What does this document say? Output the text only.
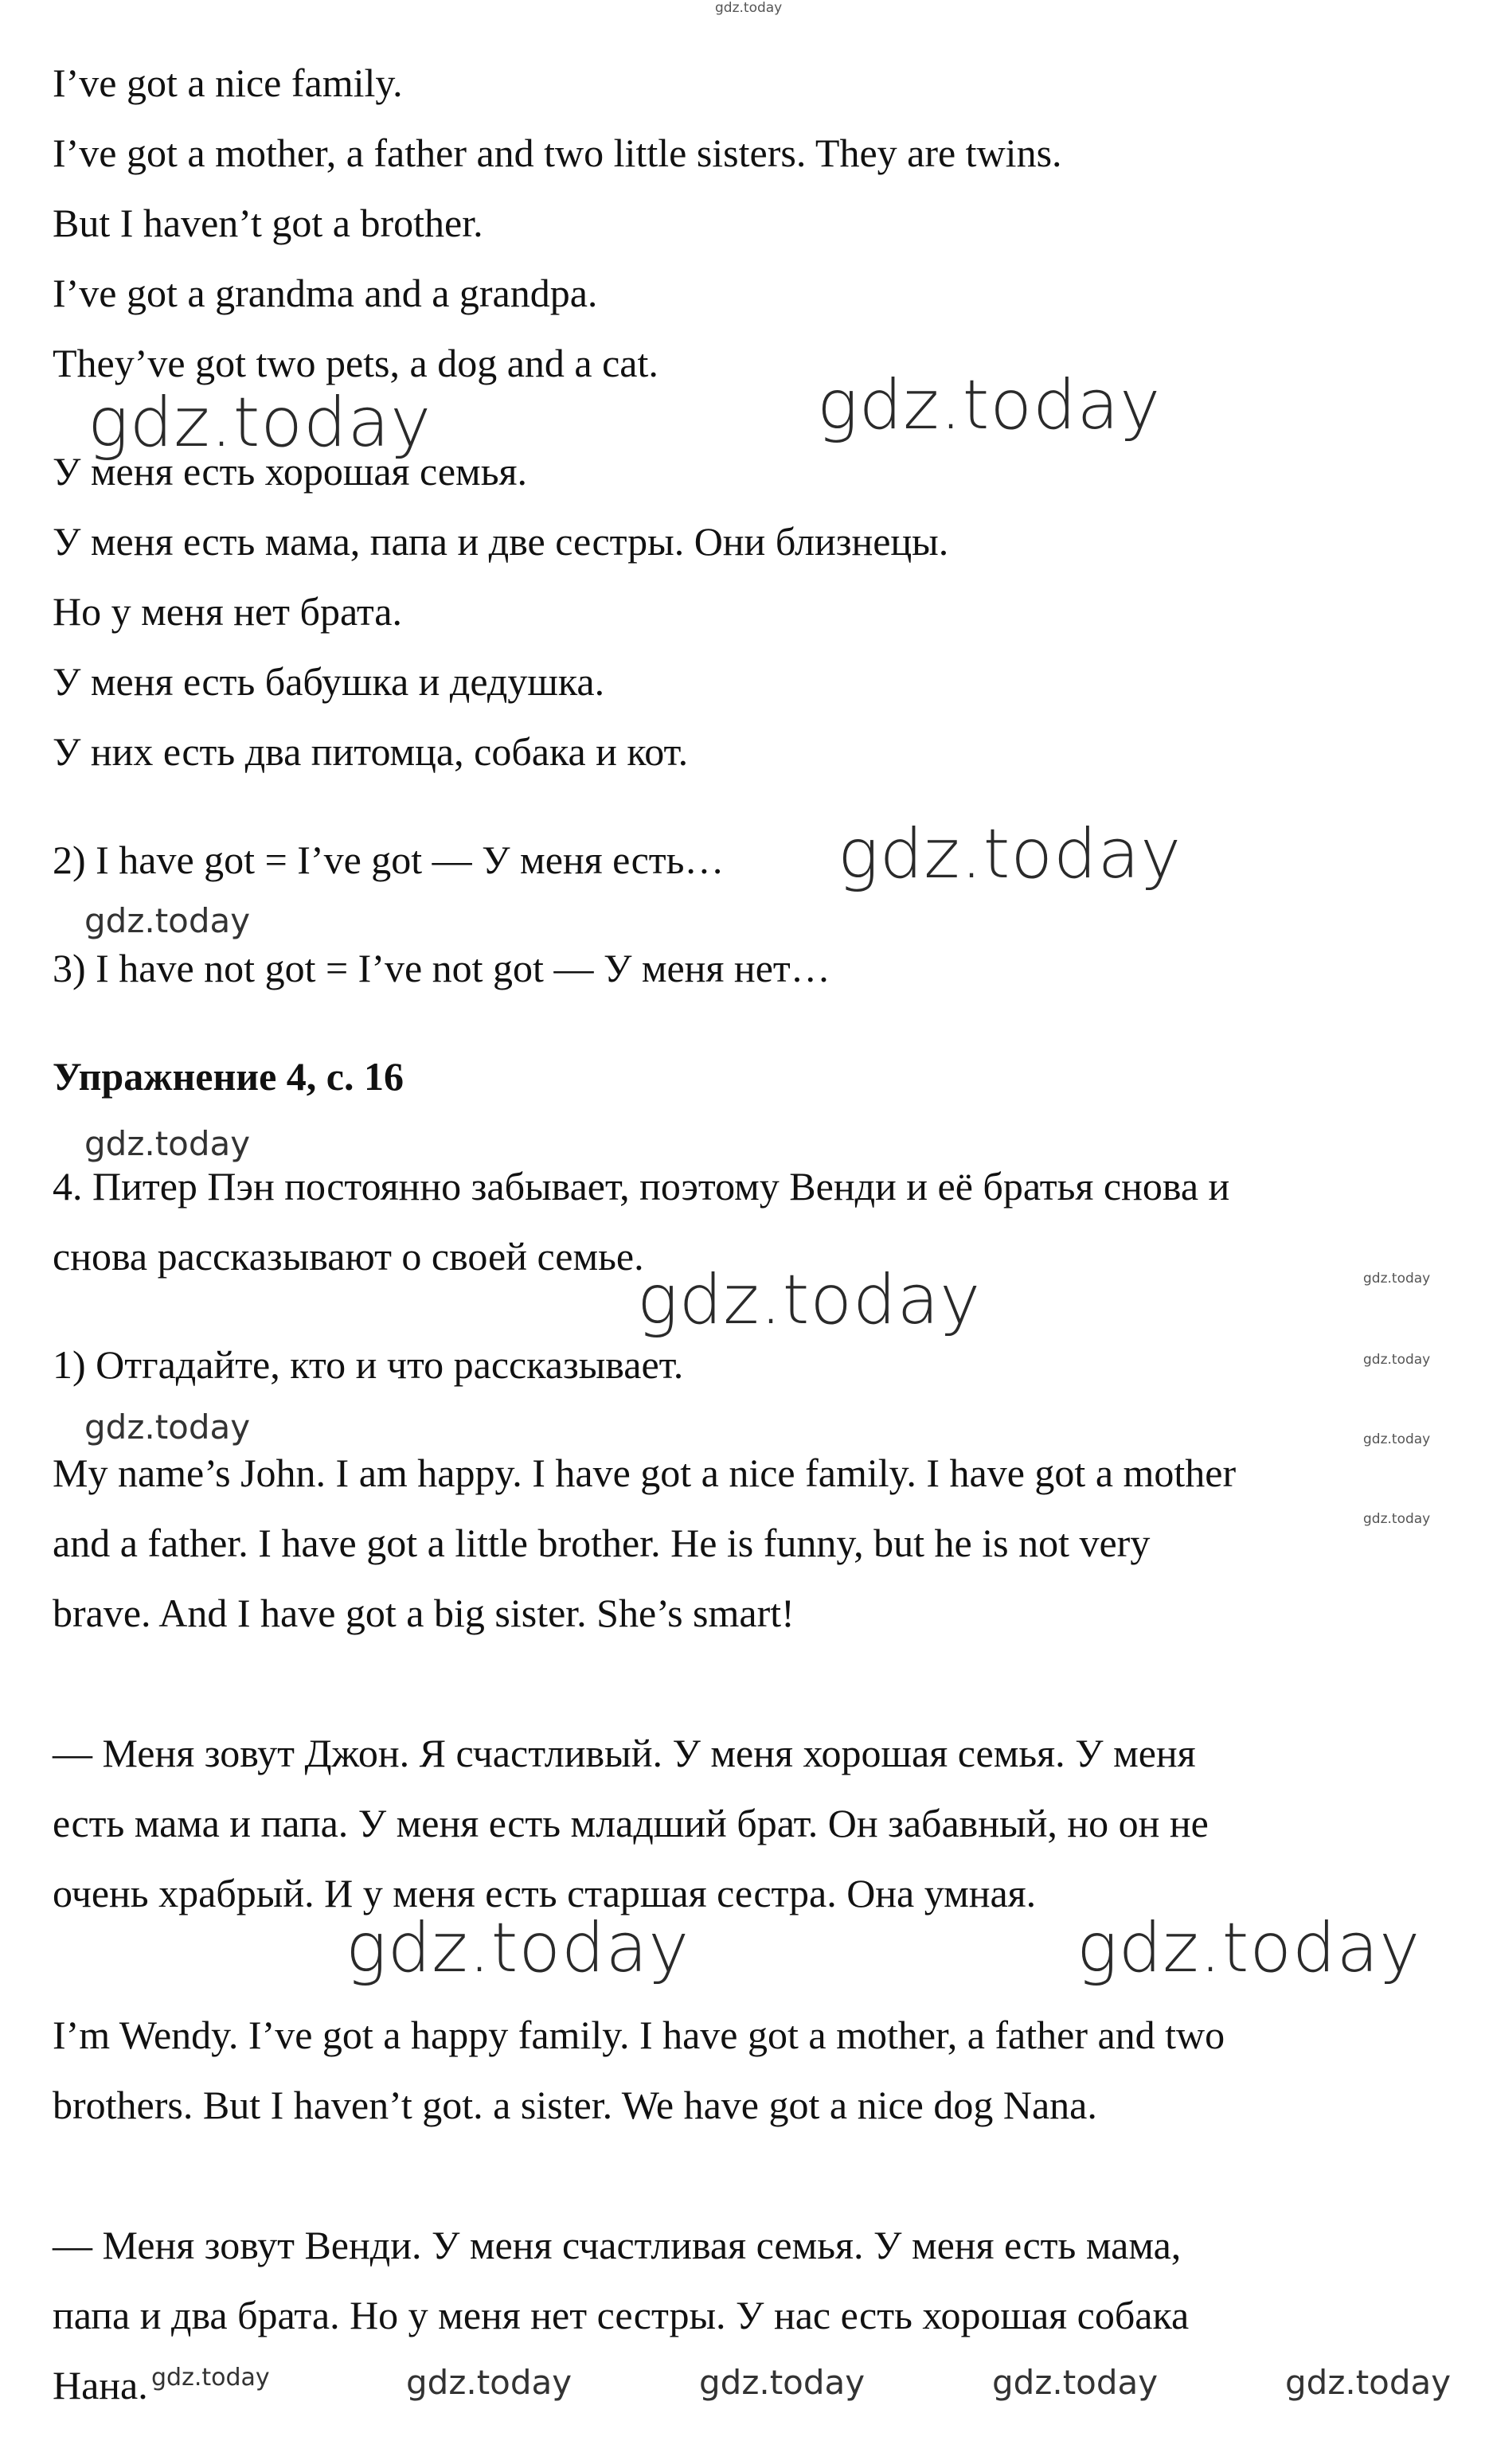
I’ve got a nice family.
I’ve got a mother, a father and two little sisters. They are twins.
But I haven’t got a brother.
I’ve got a grandma and a grandpa.
They’ve got two pets, a dog and a cat.
У меня есть хорошая семья.
У меня есть мама, папа и две сестры. Они близнецы.
Но у меня нет брата.
У меня есть бабушка и дедушка.
У них есть два питомца, собака и кот.
2) I have got = I’ve got — У меня есть…
3) I have not got = I’ve not got — У меня нет…
Упражнение 4, с. 16
4. Питер Пэн постоянно забывает, поэтому Венди и её братья снова и
снова рассказывают о своей семье.
1) Отгадайте, кто и что рассказывает.
My name’s John. I am happy. I have got a nice family. I have got a mother
and a father. I have got a little brother. He is funny, but he is not very
brave. And I have got a big sister. She’s smart!
— Меня зовут Джон. Я счастливый. У меня хорошая семья. У меня
есть мама и папа. У меня есть младший брат. Он забавный, но он не
очень храбрый. И у меня есть старшая сестра. Она умная.
I’m Wendy. I’ve got a happy family. I have got a mother, a father and two
brothers. But I haven’t got. a sister. We have got a nice dog Nana.
— Меня зовут Венди. У меня счастливая семья. У меня есть мама,
папа и два брата. Но у меня нет сестры. У нас есть хорошая собака
Нана.
gdz.today
gdz.today	gdz.today
gdz.today
gdz.today
gdz.today
gdz.today
gdz.today
gdz.today
gdz.today	gdz.today
gdz.today
gdz.today	gdz.today
gdz.today	gdz.today	gdz.today	gdz.today	gdz.today
